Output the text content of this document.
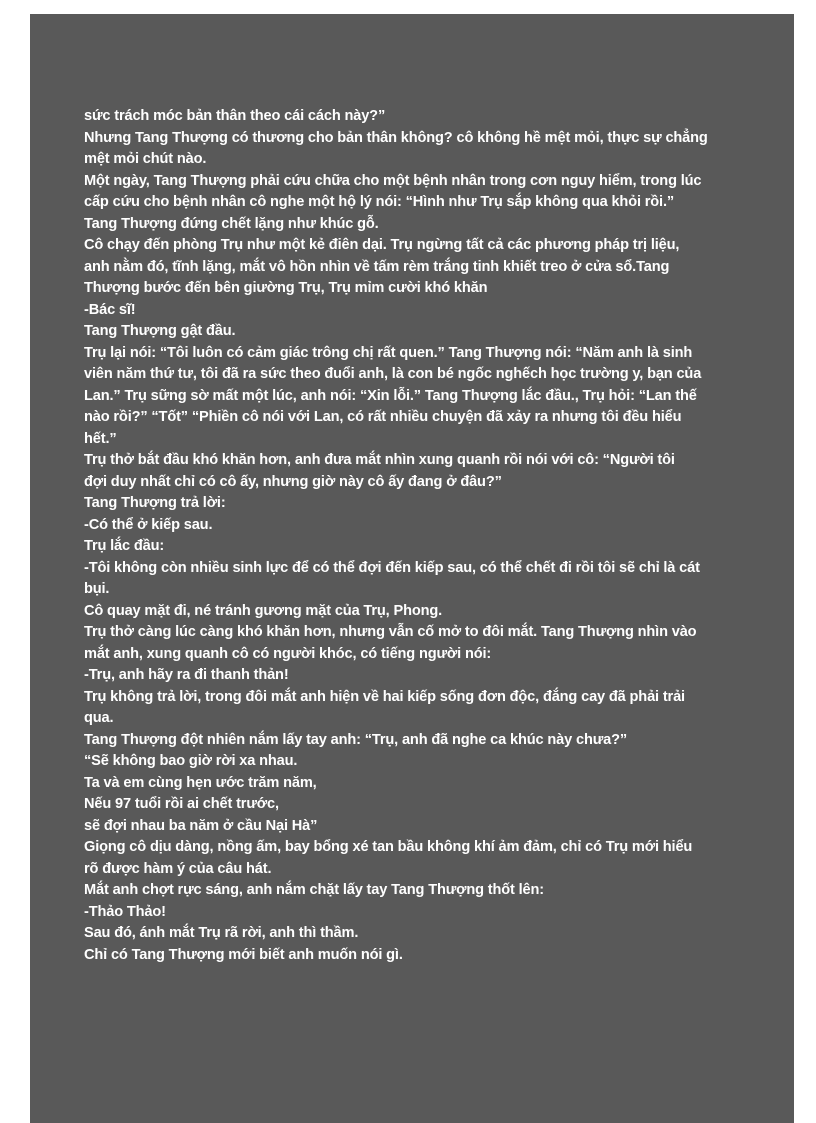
sức trách móc bản thân theo cái cách này?”
Nhưng Tang Thượng có thương cho bản thân không? cô không hề mệt mỏi, thực sự chẳng
mệt mỏi chút nào.
Một ngày, Tang Thượng phải cứu chữa cho một bệnh nhân trong cơn nguy hiểm, trong lúc
cấp cứu cho bệnh nhân cô nghe một hộ lý nói: “Hình như Trụ sắp không qua khỏi rồi.”
Tang Thượng đứng chết lặng như khúc gỗ.
Cô chạy đến phòng Trụ như một kẻ điên dại. Trụ ngừng tất cả các phương pháp trị liệu,
anh nằm đó, tĩnh lặng, mắt vô hồn nhìn về tấm rèm trắng tinh khiết treo ở cửa sổ.Tang
Thượng bước đến bên giường Trụ, Trụ mỉm cười khó khăn
-Bác sĩ!
Tang Thượng gật đầu.
Trụ lại nói: “Tôi luôn có cảm giác trông chị rất quen.” Tang Thượng nói: “Năm anh là sinh
viên năm thứ tư, tôi đã ra sức theo đuổi anh, là con bé ngốc nghếch học trường y, bạn của
Lan.” Trụ sững sờ mất một lúc, anh nói: “Xin lỗi.” Tang Thượng lắc đầu., Trụ hỏi: “Lan thế
nào rồi?” “Tốt” “Phiền cô nói với Lan, có rất nhiều chuyện đã xảy ra nhưng tôi đều hiểu
hết.”
Trụ thở bắt đầu khó khăn hơn, anh đưa mắt nhìn xung quanh rồi nói với cô: “Người tôi
đợi duy nhất chỉ có cô ấy, nhưng giờ này cô ấy đang ở đâu?”
Tang Thượng trả lời:
-Có thể ở kiếp sau.
Trụ lắc đầu:
-Tôi không còn nhiều sinh lực để có thể đợi đến kiếp sau, có thể chết đi rồi tôi sẽ chỉ là cát
bụi.
Cô quay mặt đi, né tránh gương mặt của Trụ, Phong.
Trụ thở càng lúc càng khó khăn hơn, nhưng vẫn cố mở to đôi mắt. Tang Thượng nhìn vào
mắt anh, xung quanh cô có người khóc, có tiếng người nói:
-Trụ, anh hãy ra đi thanh thản!
Trụ không trả lời, trong đôi mắt anh hiện về hai kiếp sống đơn độc, đắng cay đã phải trải
qua.
Tang Thượng đột nhiên nắm lấy tay anh: “Trụ, anh đã nghe ca khúc này chưa?”
“Sẽ không bao giờ rời xa nhau.
Ta và em cùng hẹn ước trăm năm,
Nếu 97 tuổi rồi ai chết trước,
sẽ đợi nhau ba năm ở cầu Nại Hà”
Giọng cô dịu dàng, nồng ấm, bay bổng xé tan bầu không khí ảm đảm, chỉ có Trụ mới hiểu
rõ được hàm ý của câu hát.
Mắt anh chợt rực sáng, anh nắm chặt lấy tay Tang Thượng thốt lên:
-Thảo Thảo!
Sau đó, ánh mắt Trụ rã rời, anh thì thầm.
Chỉ có Tang Thượng mới biết anh muốn nói gì.
